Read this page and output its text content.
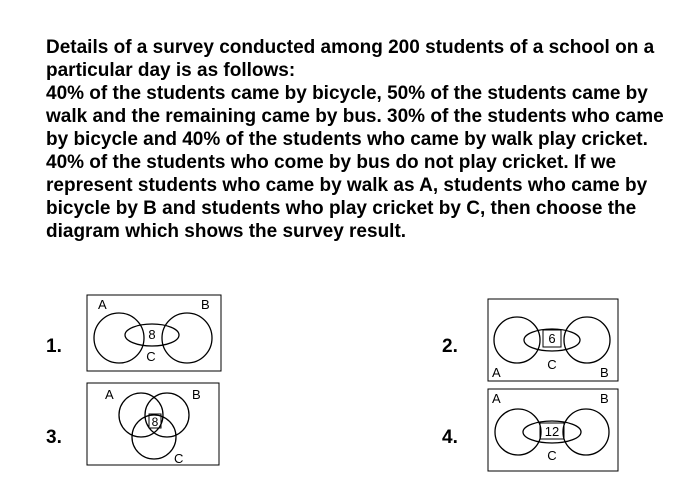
Details of a survey conducted among 200 students of a school on a particular day is as follows:

40% of the students came by bicycle, 50% of the students came by walk and the remaining came by bus. 30% of the students who came by bicycle and 40% of the students who came by walk play cricket. 40% of the students who come by bus do not play cricket. If we represent students who came by walk as A, students who came by bicycle by B and students who play cricket by C, then choose the diagram which shows the survey result.

1.
A	B
C
8
2.
A	B
C
6
3.
A	B
C
8
4.
A	B
C
12
